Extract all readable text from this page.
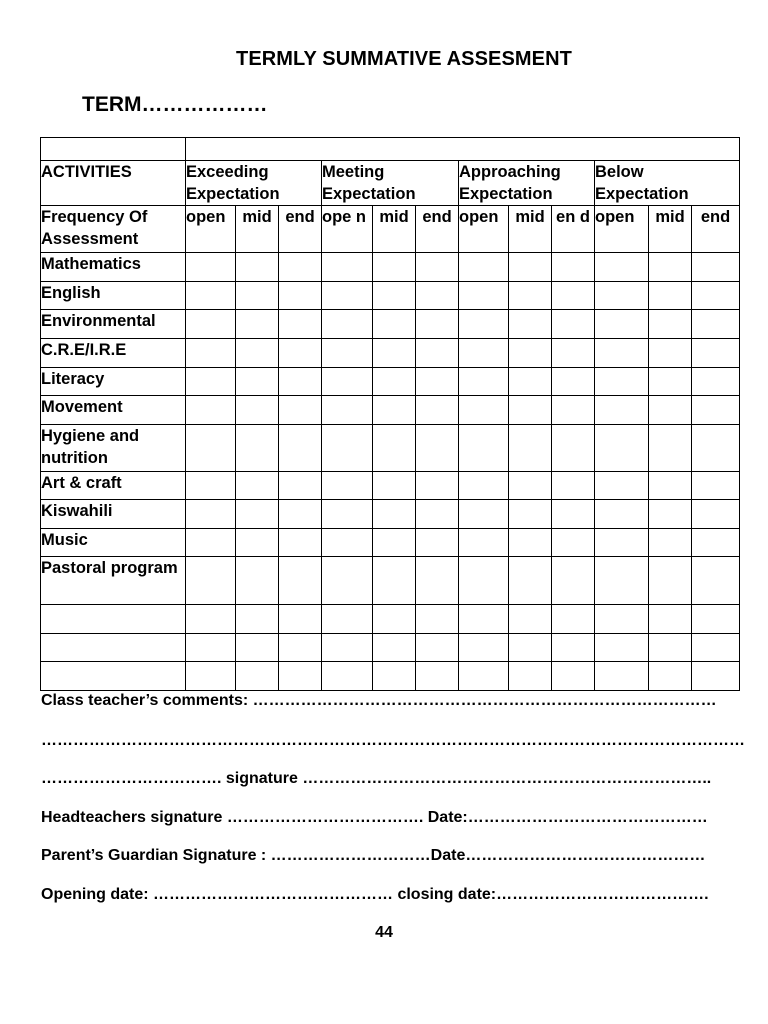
TERMLY SUMMATIVE ASSESMENT
TERM………………

ACTIVITIES	Exceeding Expectation			Meeting Expectation			Approaching Expectation			Below Expectation		
Frequency Of Assessment	open	mid	end	ope n	mid	end	open	mid	en d	open	mid	end
Mathematics												
English												
Environmental												
C.R.E/I.R.E												
Literacy												
Movement												
Hygiene and nutrition												
Art & craft												
Kiswahili												
Music												
Pastoral program												

Class teacher’s comments: ……………………………………………………………………………
……………………………………………………………………………………………………………………
……………………………. signature …………………………………………………………………..
Headteachers signature ………………………………. Date:………………………………………
Parent’s Guardian Signature : …………………………Date………………………………………
Opening date: ……………………………………… closing date:………………………………….
44
